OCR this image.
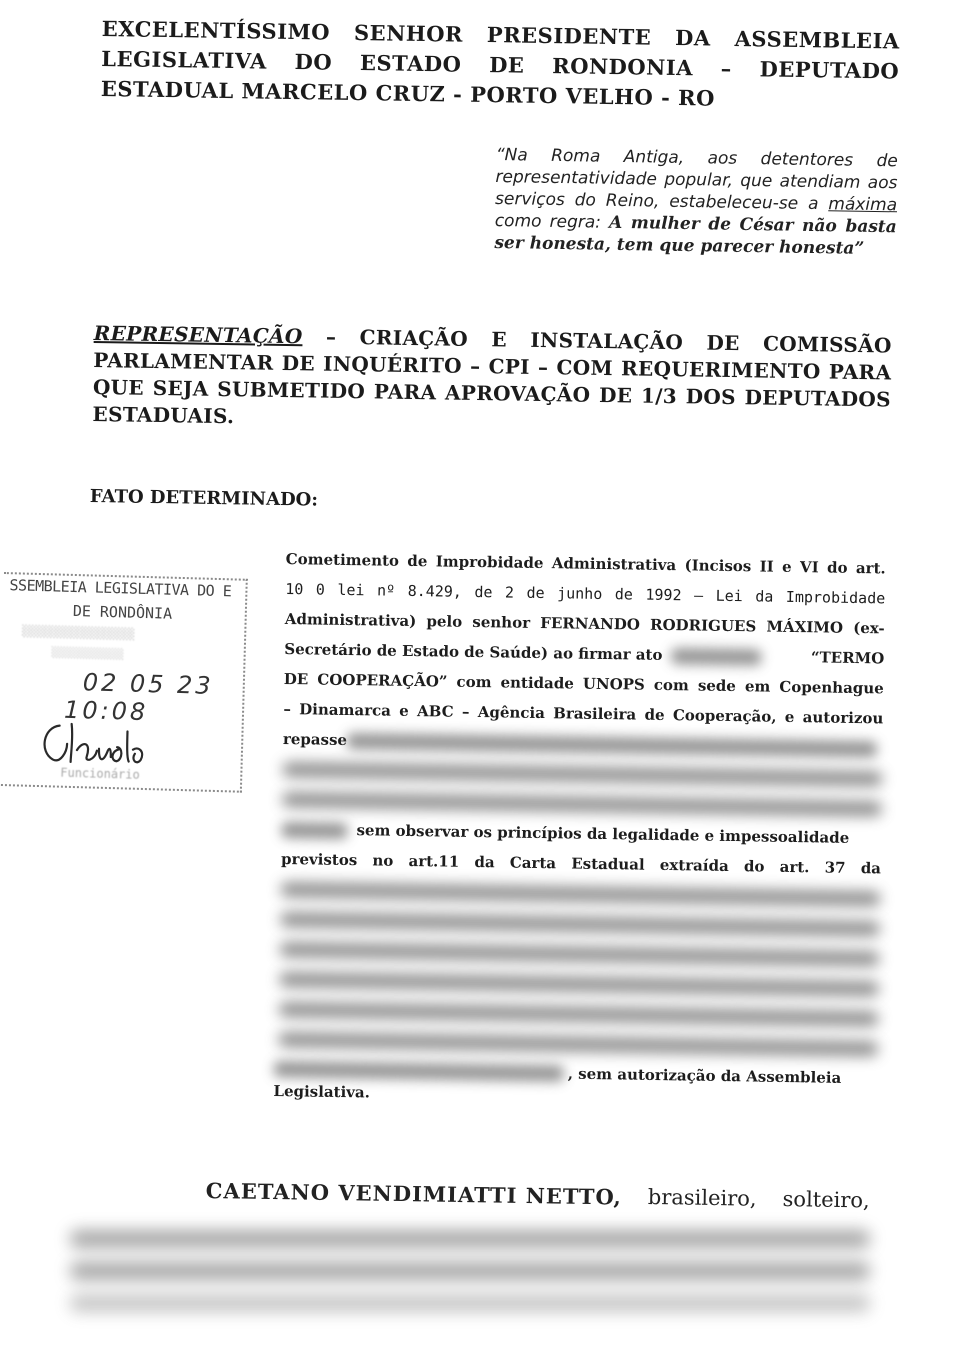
EXCELENTÍSSIMO SENHOR PRESIDENTE DA ASSEMBLEIA LEGISLATIVA DO ESTADO DE RONDONIA – DEPUTADO ESTADUAL MARCELO CRUZ - PORTO VELHO - RO
“Na Roma Antiga, aos detentores de representatividade popular, que atendiam aos serviços do Reino, estabeleceu-se a máxima como regra: A mulher de César não basta ser honesta, tem que parecer honesta”
REPRESENTAÇÃO – CRIAÇÃO E INSTALAÇÃO DE COMISSÃO PARLAMENTAR DE INQUÉRITO – CPI – COM REQUERIMENTO PARA QUE SEJA SUBMETIDO PARA APROVAÇÃO DE 1/3 DOS DEPUTADOS ESTADUAIS.
FATO DETERMINADO:
SSEMBLEIA LEGISLATIVA DO E
DE RONDÔNIA
░░░░░░░░░░░░░░░░░
░░░░░░░░░░░░
02 05 23
10:08
Funcionário
Cometimento de Improbidade Administrativa (Incisos II e VI do art.
10 0 lei nº 8.429, de 2 de junho de 1992 – Lei da Improbidade
Administrativa) pelo senhor FERNANDO RODRIGUES MÁXIMO (ex-
Secretário de Estado de Saúde) ao firmar ato	“TERMO
DE COOPERAÇÃO” com entidade UNOPS com sede em Copenhague
– Dinamarca e ABC – Agência Brasileira de Cooperação, e autorizou
repasse
sem observar os princípios da legalidade e impessoalidade
previstos no art.11 da Carta Estadual extraída do art. 37 da
, sem autorização da Assembleia
Legislativa.
CAETANO VENDIMIATTI NETTO, brasileiro, solteiro,
